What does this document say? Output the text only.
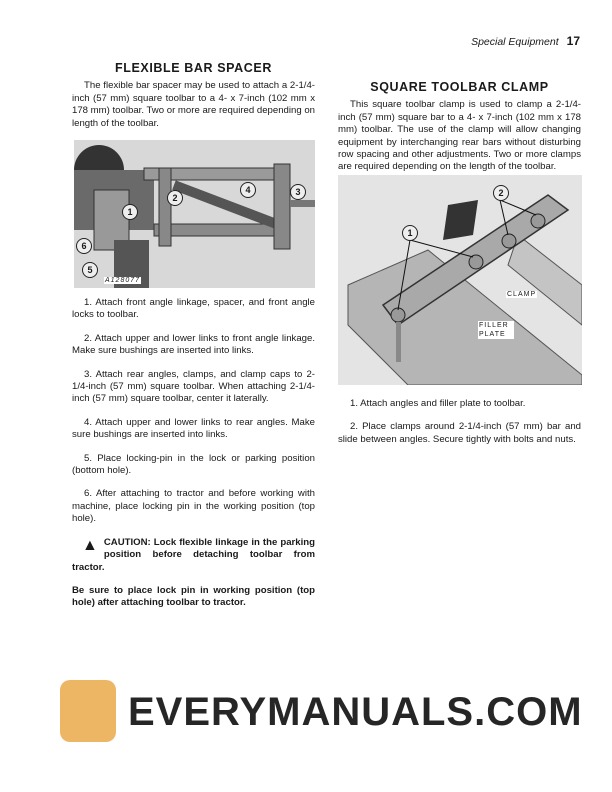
Special Equipment 17
FLEXIBLE BAR SPACER

The flexible bar spacer may be used to attach a 2-1/4-inch (57 mm) square toolbar to a 4- x 7-inch (102 mm x 178 mm) toolbar. Two or more are required depending on length of the toolbar.

1
2
3
4
5
6
A128077

1. Attach front angle linkage, spacer, and front angle locks to toolbar.

2. Attach upper and lower links to front angle linkage. Make sure bushings are inserted into links.

3. Attach rear angles, clamps, and clamp caps to 2-1/4-inch (57 mm) square toolbar. When attaching 2-1/4-inch (57 mm) square toolbar, center it laterally.

4. Attach upper and lower links to rear angles. Make sure bushings are inserted into links.

5. Place locking-pin in the lock or parking position (bottom hole).

6. After attaching to tractor and before working with machine, place locking pin in the working position (top hole).

▲ CAUTION: Lock flexible linkage in the parking position before detaching toolbar from tractor.

Be sure to place lock pin in working position (top hole) after attaching toolbar to tractor.

SQUARE TOOLBAR CLAMP

This square toolbar clamp is used to clamp a 2-1/4-inch (57 mm) square bar to a 4- x 7-inch (102 mm x 178 mm) toolbar. The use of the clamp will allow changing equipment by interchanging rear bars without disturbing row spacing and other adjustments. Two or more clamps are required depending on the length of the toolbar.

1
2
CLAMP
FILLER PLATE

1. Attach angles and filler plate to toolbar.

2. Place clamps around 2-1/4-inch (57 mm) bar and slide between angles. Secure tightly with bolts and nuts.

EVERYMANUALS.COM
